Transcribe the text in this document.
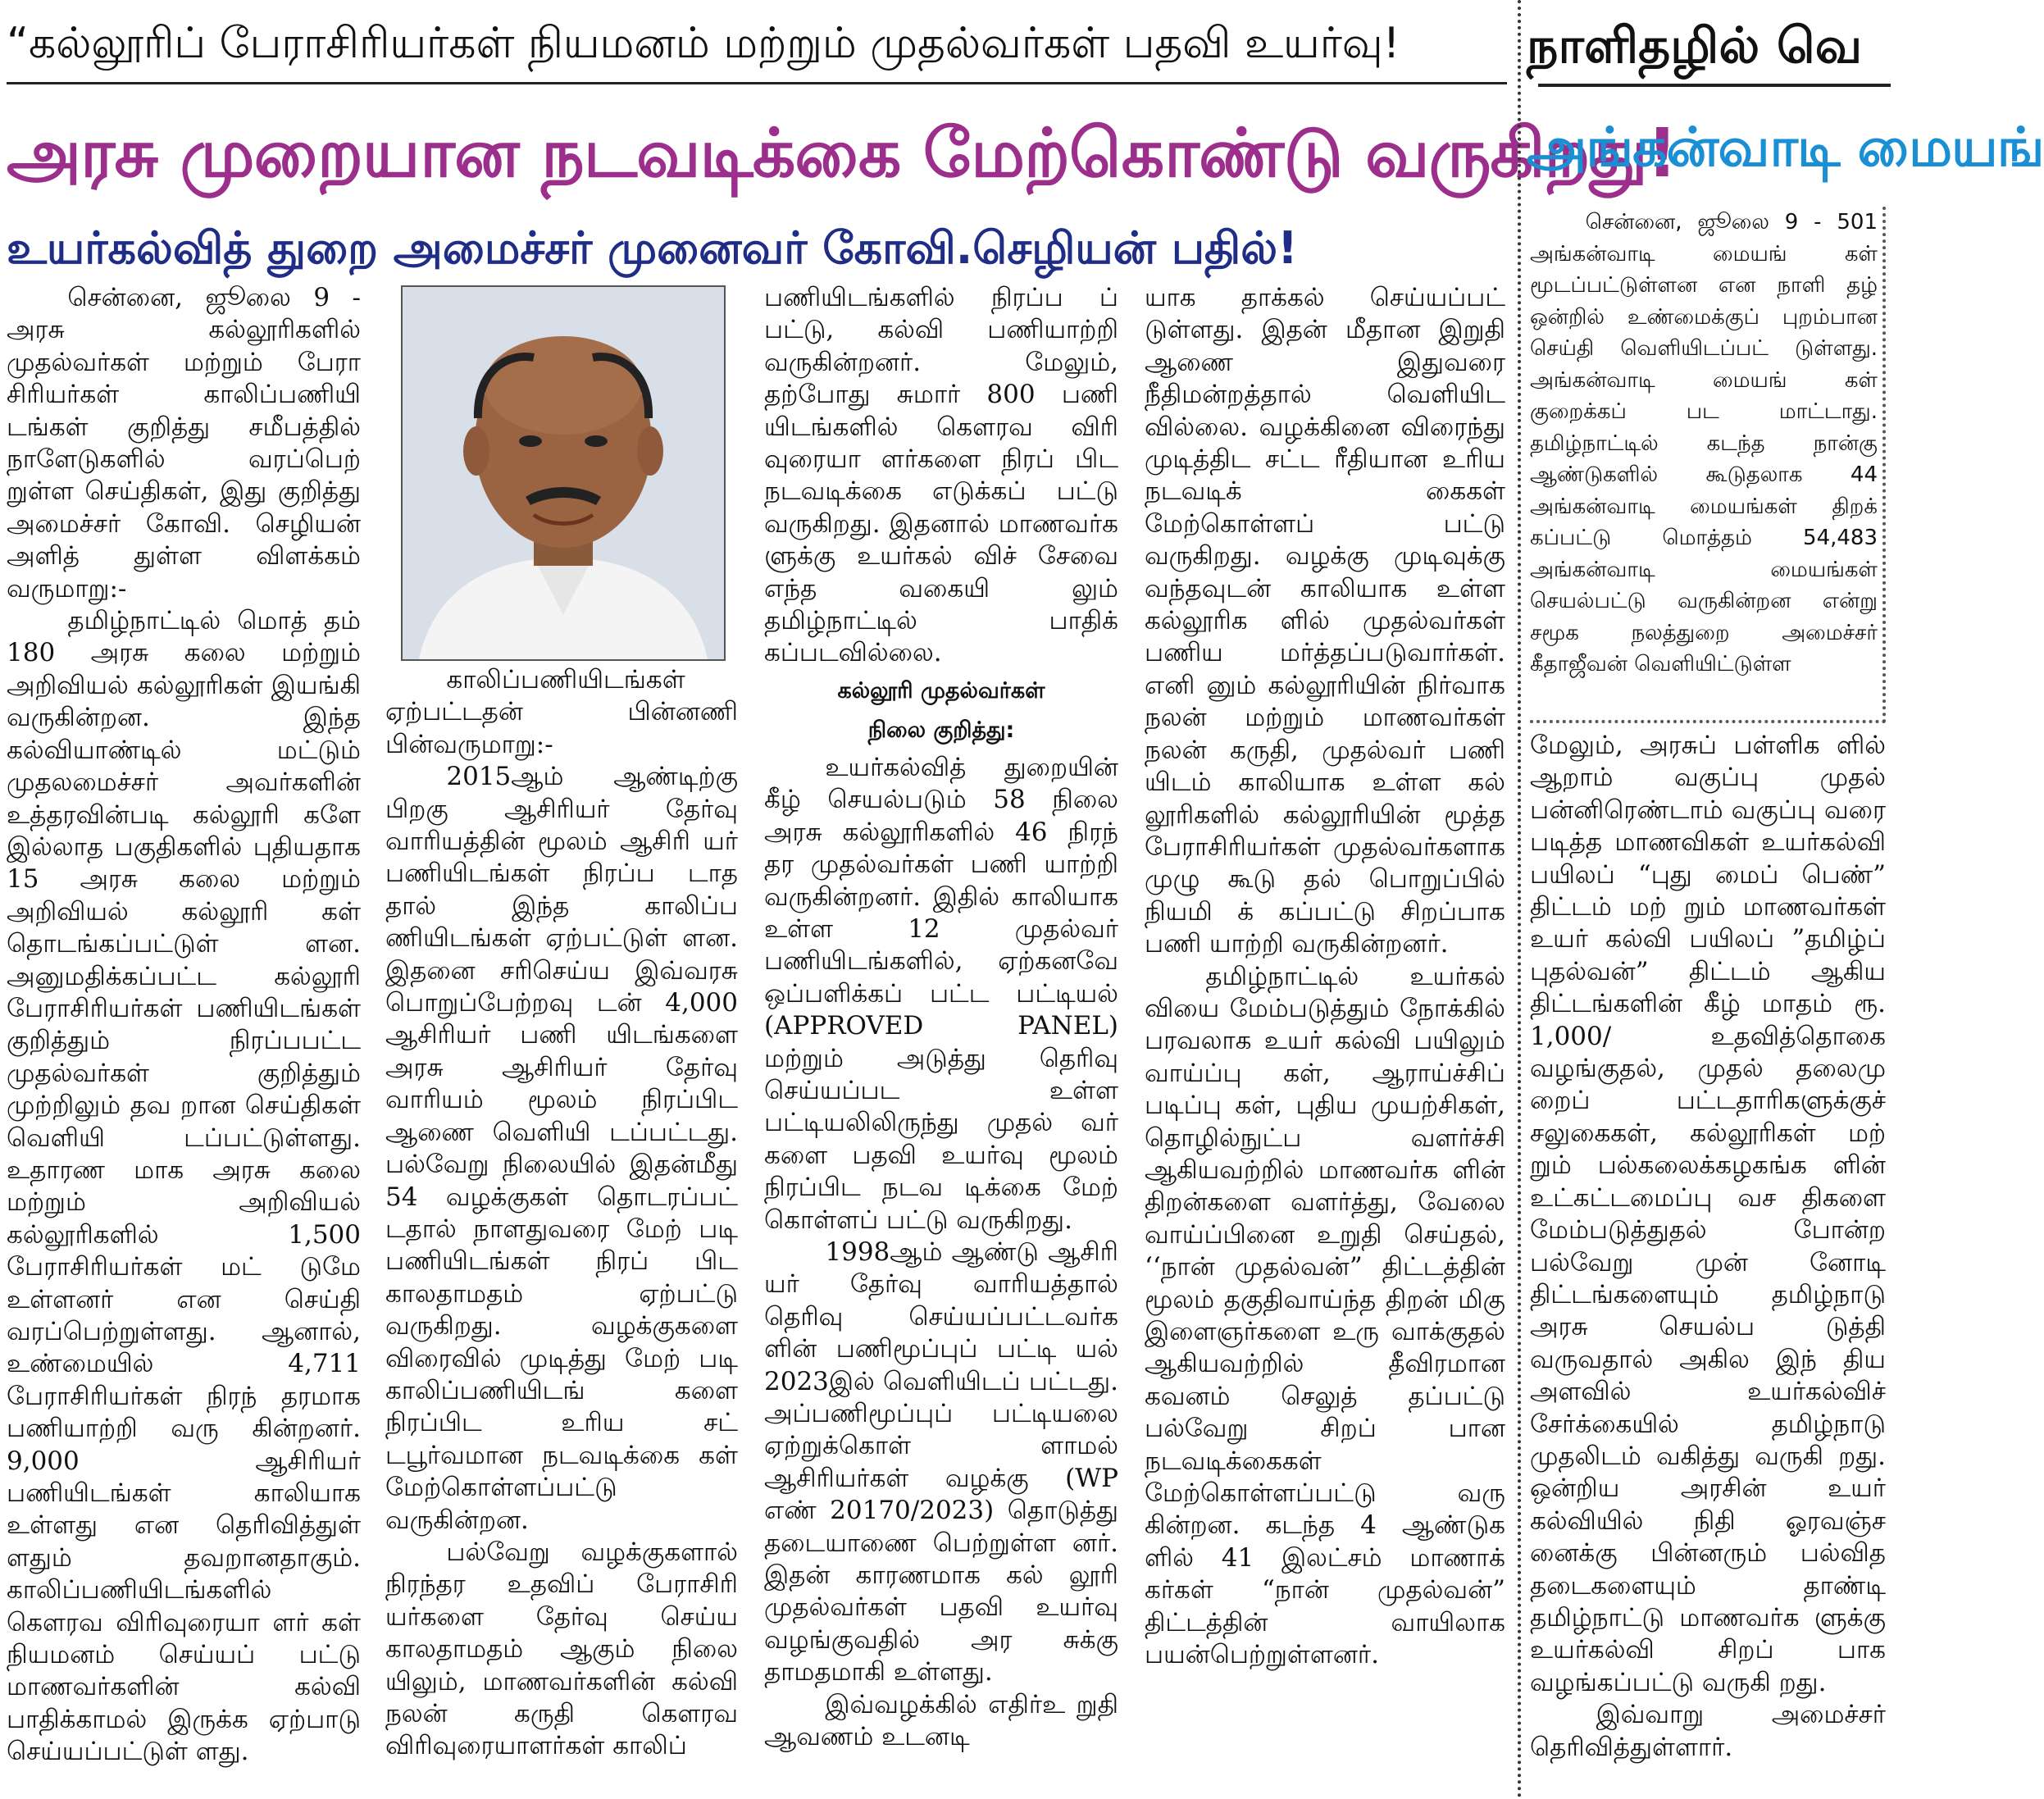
“கல்லூரிப் பேராசிரியர்கள் நியமனம் மற்றும் முதல்வர்கள் பதவி உயர்வு!
அரசு முறையான நடவடிக்கை மேற்கொண்டு வருகிறது!
உயர்கல்வித் துறை அமைச்சர் முனைவர் கோவி.செழியன் பதில்!

சென்னை, ஜூலை 9 - அரசு கல்லூரிகளில் முதல்வர்கள் மற்றும் பேரா சிரியர்கள் காலிப்பணியி டங்கள் குறித்து சமீபத்தில் நாளேடுகளில் வரப்பெற் றுள்ள செய்திகள், இது குறித்து அமைச்சர் கோவி. செழியன் அளித் துள்ள விளக்கம் வருமாறு:-

தமிழ்நாட்டில் மொத் தம் 180 அரசு கலை மற்றும் அறிவியல் கல்லூரிகள் இயங்கி வருகின்றன. இந்த கல்வியாண்டில் மட்டும் முதலமைச்சர் அவர்களின் உத்தரவின்படி கல்லூரி களே இல்லாத பகுதிகளில் புதியதாக 15 அரசு கலை மற்றும் அறிவியல் கல்லூரி கள் தொடங்கப்பட்டுள் ளன. அனுமதிக்கப்பட்ட கல்லூரி பேராசிரியர்கள் பணியிடங்கள் குறித்தும் நிரப்பபட்ட முதல்வர்கள் குறித்தும் முற்றிலும் தவ றான செய்திகள் வெளியி டப்பட்டுள்ளது. உதாரண மாக அரசு கலை மற்றும் அறிவியல் கல்லூரிகளில் 1,500 பேராசிரியர்கள் மட் டுமே உள்ளனர் என செய்தி வரப்பெற்றுள்ளது. ஆனால், உண்மையில் 4,711 பேராசிரியர்கள் நிரந் தரமாக பணியாற்றி வரு கின்றனர். 9,000 ஆசிரியர் பணியிடங்கள் காலியாக உள்ளது என தெரிவித்துள் ளதும் தவறானதாகும். காலிப்பணியிடங்களில் கௌரவ விரிவுரையா ளர் கள் நியமனம் செய்யப் பட்டு மாணவர்களின் கல்வி பாதிக்காமல் இருக்க ஏற்பாடு செய்யப்பட்டுள் ளது.

காலிப்பணியிடங்கள் ஏற்பட்டதன் பின்னணி பின்வருமாறு:-

2015ஆம் ஆண்டிற்கு பிறகு ஆசிரியர் தேர்வு வாரியத்தின் மூலம் ஆசிரி யர் பணியிடங்கள் நிரப்ப டாத தால் இந்த காலிப்ப ணியிடங்கள் ஏற்பட்டுள் ளன. இதனை சரிசெய்ய இவ்வரசு பொறுப்பேற்றவு டன் 4,000 ஆசிரியர் பணி யிடங்களை அரசு ஆசிரியர் தேர்வு வாரியம் மூலம் நிரப்பிட ஆணை வெளியி டப்பட்டது. பல்வேறு நிலையில் இதன்மீது 54 வழக்குகள் தொடரப்பட் டதால் நாளதுவரை மேற் படி பணியிடங்கள் நிரப் பிட காலதாமதம் ஏற்பட்டு வருகிறது. வழக்குகளை விரைவில் முடித்து மேற் படி காலிப்பணியிடங் களை நிரப்பிட உரிய சட் டபூர்வமான நடவடிக்கை கள் மேற்கொள்ளப்பட்டு வருகின்றன.

பல்வேறு வழக்குகளால் நிரந்தர உதவிப் பேராசிரி யர்களை தேர்வு செய்ய காலதாமதம் ஆகும் நிலை யிலும், மாணவர்களின் கல்வி நலன் கருதி கௌரவ விரிவுரையாளர்கள் காலிப்

பணியிடங்களில் நிரப்ப ப் பட்டு, கல்வி பணியாற்றி வருகின்றனர். மேலும், தற்போது சுமார் 800 பணி யிடங்களில் கௌரவ விரி வுரையா ளர்களை நிரப் பிட நடவடிக்கை எடுக்கப் பட்டு வருகிறது. இதனால் மாணவர்க ளுக்கு உயர்கல் விச் சேவை எந்த வகையி லும் தமிழ்நாட்டில் பாதிக் கப்படவில்லை.

கல்லூரி முதல்வர்கள்

நிலை குறித்து:

உயர்கல்வித் துறையின் கீழ் செயல்படும் 58 நிலை அரசு கல்லூரிகளில் 46 நிரந் தர முதல்வர்கள் பணி யாற்றி வருகின்றனர். இதில் காலியாக உள்ள 12 முதல்வர் பணியிடங்களில், ஏற்கனவே ஒப்பளிக்கப் பட்ட பட்டியல் (APPROVED PANEL) மற்றும் அடுத்து தெரிவு செய்யப்பட உள்ள பட்டியலிலிருந்து முதல் வர் களை பதவி உயர்வு மூலம் நிரப்பிட நடவ டிக்கை மேற் கொள்ளப் பட்டு வருகிறது.

1998ஆம் ஆண்டு ஆசிரி யர் தேர்வு வாரியத்தால் தெரிவு செய்யப்பட்டவர்க ளின் பணிமூப்புப் பட்டி யல் 2023இல் வெளியிடப் பட்டது. அப்பணிமூப்புப் பட்டியலை ஏற்றுக்கொள் ளாமல் ஆசிரியர்கள் வழக்கு (WP எண் 20170/2023) தொடுத்து தடையாணை பெற்றுள்ள னர். இதன் காரணமாக கல் லூரி முதல்வர்கள் பதவி உயர்வு வழங்குவதில் அர சுக்கு தாமதமாகி உள்ளது.

இவ்வழக்கில் எதிர்உ றுதி ஆவணம் உடனடி

யாக தாக்கல் செய்யப்பட் டுள்ளது. இதன் மீதான இறுதி ஆணை இதுவரை நீதிமன்றத்தால் வெளியிட வில்லை. வழக்கினை விரைந்து முடித்திட சட்ட ரீதியான உரிய நடவடிக் கைகள் மேற்கொள்ளப் பட்டு வருகிறது. வழக்கு முடிவுக்கு வந்தவுடன் காலியாக உள்ள கல்லூரிக ளில் முதல்வர்கள் பணிய மர்த்தப்படுவார்கள். எனி னும் கல்லூரியின் நிர்வாக நலன் மற்றும் மாணவர்கள் நலன் கருதி, முதல்வர் பணி யிடம் காலியாக உள்ள கல் லூரிகளில் கல்லூரியின் மூத்த பேராசிரியர்கள் முதல்வர்களாக முழு கூடு தல் பொறுப்பில் நியமி க் கப்பட்டு சிறப்பாக பணி யாற்றி வருகின்றனர்.

தமிழ்நாட்டில் உயர்கல் வியை மேம்படுத்தும் நோக்கில் பரவலாக உயர் கல்வி பயிலும் வாய்ப்பு கள், ஆராய்ச்சிப் படிப்பு கள், புதிய முயற்சிகள், தொழில்நுட்ப வளர்ச்சி ஆகியவற்றில் மாணவர்க ளின் திறன்களை வளர்த்து, வேலை வாய்ப்பினை உறுதி செய்தல், ‘‘நான் முதல்வன்” திட்டத்தின் மூலம் தகுதிவாய்ந்த திறன் மிகு இளைஞர்களை உரு வாக்குதல் ஆகியவற்றில் தீவிரமான கவனம் செலுத் தப்பட்டு பல்வேறு சிறப் பான நடவடிக்கைகள் மேற்கொள்ளப்பட்டு வரு கின்றன. கடந்த 4 ஆண்டுக ளில் 41 இலட்சம் மாணாக் கர்கள் “நான் முதல்வன்” திட்டத்தின் வாயிலாக பயன்பெற்றுள்ளனர்.

நாளிதழில் வெ
அங்கன்வாடி மையங்

சென்னை, ஜூலை 9 - 501 அங்கன்வாடி மையங் கள் மூடப்பட்டுள்ளன என நாளி தழ் ஒன்றில் உண்மைக்குப் புறம்பான செய்தி வெளியிடப்பட் டுள்ளது. அங்கன்வாடி மையங் கள் குறைக்கப் பட மாட்டாது. தமிழ்நாட்டில் கடந்த நான்கு ஆண்டுகளில் கூடுதலாக 44 அங்கன்வாடி மையங்கள் திறக் கப்பட்டு மொத்தம் 54,483 அங்கன்வாடி மையங்கள் செயல்பட்டு வருகின்றன என்று சமூக நலத்துறை அமைச்சர் கீதாஜீவன் வெளியிட்டுள்ள

மேலும், அரசுப் பள்ளிக ளில் ஆறாம் வகுப்பு முதல் பன்னிரெண்டாம் வகுப்பு வரை படித்த மாணவிகள் உயர்கல்வி பயிலப் “புது மைப் பெண்” திட்டம் மற் றும் மாணவர்கள் உயர் கல்வி பயிலப் ”தமிழ்ப் புதல்வன்” திட்டம் ஆகிய திட்டங்களின் கீழ் மாதம் ரூ. 1,000/ உதவித்தொகை வழங்குதல், முதல் தலைமு றைப் பட்டதாரிகளுக்குச் சலுகைகள், கல்லூரிகள் மற் றும் பல்கலைக்கழகங்க ளின் உட்கட்டமைப்பு வச திகளை மேம்படுத்துதல் போன்ற பல்வேறு முன் னோடி திட்டங்களையும் தமிழ்நாடு அரசு செயல்ப டுத்தி வருவதால் அகில இந் திய அளவில் உயர்கல்விச் சேர்க்கையில் தமிழ்நாடு முதலிடம் வகித்து வருகி றது. ஒன்றிய அரசின் உயர் கல்வியில் நிதி ஓரவஞ்ச னைக்கு பின்னரும் பல்வித தடைகளையும் தாண்டி தமிழ்நாட்டு மாணவர்க ளுக்கு உயர்கல்வி சிறப் பாக வழங்கப்பட்டு வருகி றது.

இவ்வாறு அமைச்சர் தெரிவித்துள்ளார்.
